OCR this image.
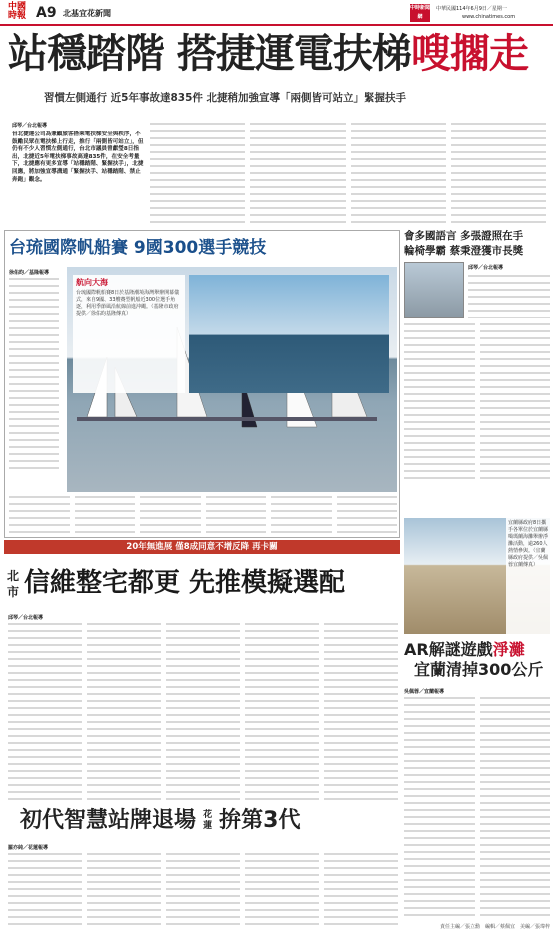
中國
時報 A9 北基宜花新聞
中時新聞網
中華民國114年6月9日／星期一
www.chinatimes.com
站穩踏階 搭捷運電扶梯嗖擱走
習慣左側通行 近5年事故達835件 北捷稍加強宣導「兩側皆可站立」緊握扶手
邱琴／台北報導
台北捷運公司為兼顧旅客搭乘電扶梯安全與秩序，不鼓勵民眾在電扶梯上行走，推行「兩側皆可站立」，但仍有不少人習慣左側通行，台北市議員曾獻瑩8日指出，北捷近5年電扶梯事故高達835件，在安全考量下，北捷應有更多宣導「站穩踏階、緊握扶手」，北捷回應，將加強宣導溝通「緊握扶手、站穩踏階、禁止奔跑」觀念。
台琉國際帆船賽 9國300選手競技
徐佑昀／基隆報導
航向大海
台琉國際帆船賽8日於基隆潮境海灣舉辦開幕儀式，來自9國、33艘賽型帆船近300位選手角逐，利用季節風沿航線前進沖繩。（基隆市政府提供／徐佑昀基隆傳真）
會多國語言 多張證照在手
輪椅學霸 蔡秉澄獲市長獎
邱琴／台北報導
20年無進展 僅8成同意不增反降 再卡關
北
市 信維整宅都更 先推模擬選配
邱琴／台北報導
宜蘭縣政府8日攜手各單位於宜蘭縣噶瑪蘭海灘舉辦淨灘活動，逾260人熱情參與。（宜蘭縣政府提供／吳佩蓉宜蘭傳真）
AR解謎遊戲淨灘
宜蘭清掉300公斤
吳佩蓉／宜蘭報導
初代智慧站牌退場 花
蓮 拚第3代
羅亦純／花蓮報導
責任主編／張立勳　編輯／蔡佩宜　美編／張瑋梓
